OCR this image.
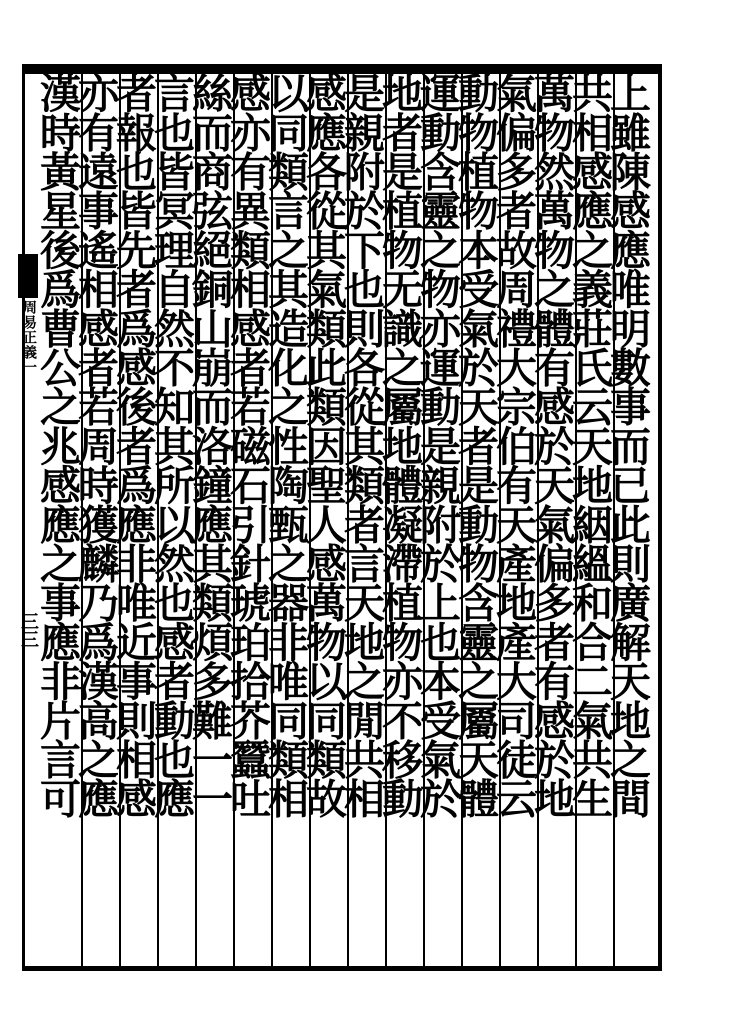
周易正義一
三三	上雖陳感應唯明數事而已此則廣解天地之間
共相感應之義莊氏云天地絪縕和合二氣共生
萬物然萬物之體有感於天氣偏多者有感於地
氣偏多者故周禮大宗伯有天產地產大司徒云
動物植物本受氣於天者是動物含靈之屬天體
運動含靈之物亦運動是親附於上也本受氣於
地者是植物无識之屬地體凝滯植物亦不移動
是親附於下也則各從其類者言天地之閒共相
感應各從其氣類此類因聖人感萬物以同類故
以同類言之其造化之性陶甄之器非唯同類相
感亦有異類相感者若磁石引針琥珀拾芥蠶吐
絲而商弦絕銅山崩而洛鐘應其類煩多難一一
言也皆冥理自然不知其所以然也感者動也應
者報也皆先者爲感後者爲應非唯近事則相感
亦有遠事遙相感者若周時獲麟乃爲漢高之應
漢時黃星後爲曹公之兆感應之事應非片言可
